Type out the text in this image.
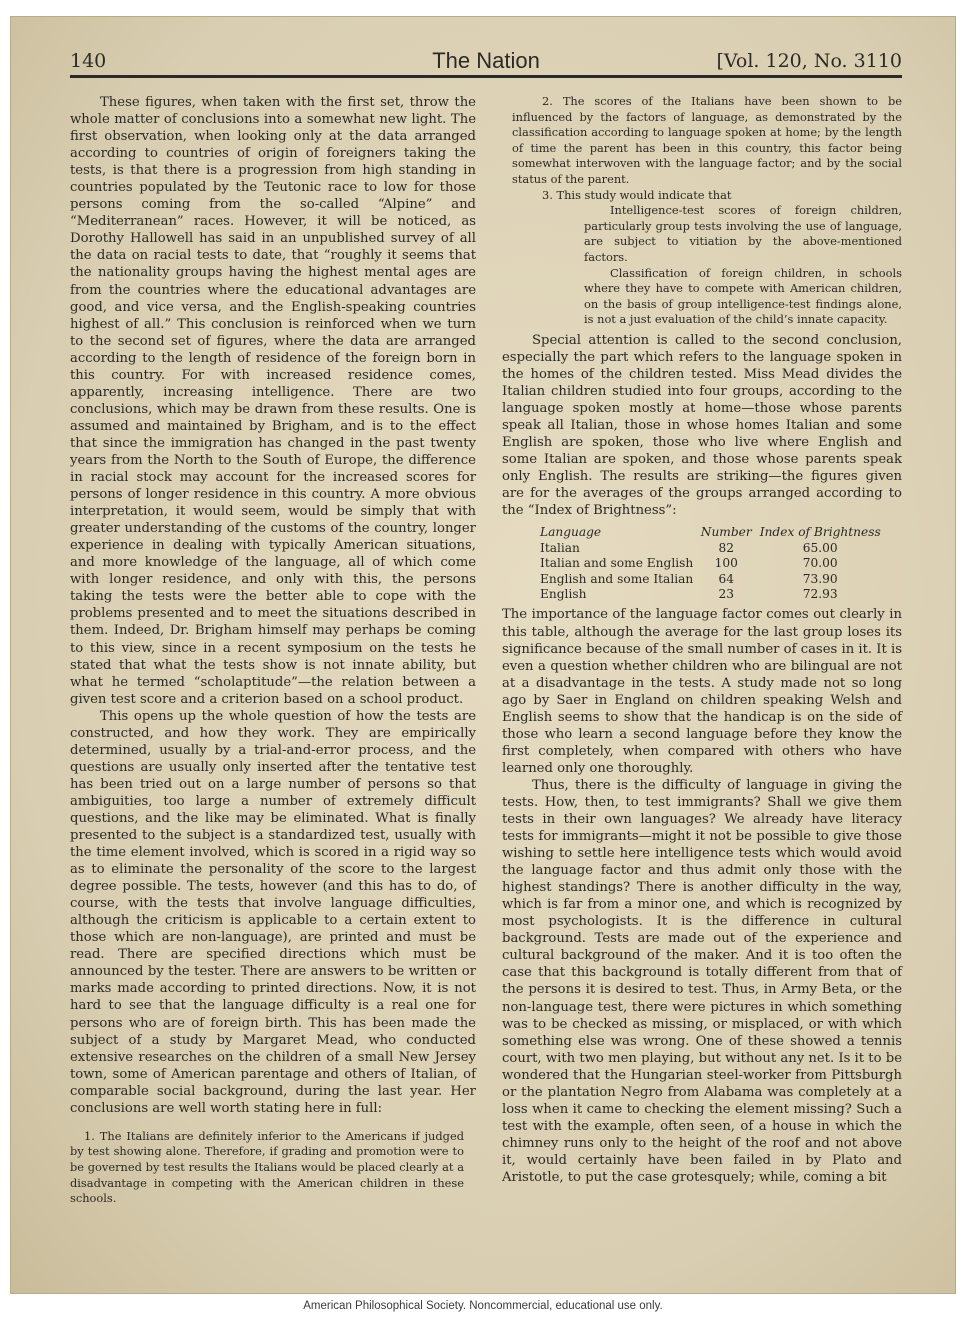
140	The Nation	[Vol. 120, No. 3110

These figures, when taken with the first set, throw the whole matter of conclusions into a somewhat new light. The first observation, when looking only at the data arranged according to countries of origin of foreigners taking the tests, is that there is a progression from high standing in countries populated by the Teutonic race to low for those persons coming from the so-called “Alpine” and “Mediterranean” races. However, it will be noticed, as Dorothy Hallowell has said in an unpublished survey of all the data on racial tests to date, that “roughly it seems that the nationality groups having the highest mental ages are from the countries where the educational advantages are good, and vice versa, and the English-speaking countries highest of all.” This conclusion is reinforced when we turn to the second set of figures, where the data are arranged according to the length of residence of the foreign born in this country. For with increased residence comes, apparently, increasing intelligence. There are two conclusions, which may be drawn from these results. One is assumed and maintained by Brigham, and is to the effect that since the immigration has changed in the past twenty years from the North to the South of Europe, the difference in racial stock may account for the increased scores for persons of longer residence in this country. A more obvious interpretation, it would seem, would be simply that with greater understanding of the customs of the country, longer experience in dealing with typically American situations, and more knowledge of the language, all of which come with longer residence, and only with this, the persons taking the tests were the better able to cope with the problems presented and to meet the situations described in them. Indeed, Dr. Brigham himself may perhaps be coming to this view, since in a recent symposium on the tests he stated that what the tests show is not innate ability, but what he termed “scholaptitude”—the relation between a given test score and a criterion based on a school product.

This opens up the whole question of how the tests are constructed, and how they work. They are empirically determined, usually by a trial-and-error process, and the questions are usually only inserted after the tentative test has been tried out on a large number of persons so that ambiguities, too large a number of extremely difficult questions, and the like may be eliminated. What is finally presented to the subject is a standardized test, usually with the time element involved, which is scored in a rigid way so as to eliminate the personality of the score to the largest degree possible. The tests, however (and this has to do, of course, with the tests that involve language difficulties, although the criticism is applicable to a certain extent to those which are non-language), are printed and must be read. There are specified directions which must be announced by the tester. There are answers to be written or marks made according to printed directions. Now, it is not hard to see that the language difficulty is a real one for persons who are of foreign birth. This has been made the subject of a study by Margaret Mead, who conducted extensive researches on the children of a small New Jersey town, some of American parentage and others of Italian, of comparable social background, during the last year. Her conclusions are well worth stating here in full:

1. The Italians are definitely inferior to the Americans if judged by test showing alone. Therefore, if grading and promotion were to be governed by test results the Italians would be placed clearly at a disadvantage in competing with the American children in these schools.

2. The scores of the Italians have been shown to be influenced by the factors of language, as demonstrated by the classification according to language spoken at home; by the length of time the parent has been in this country, this factor being somewhat interwoven with the language factor; and by the social status of the parent.

3. This study would indicate that

Intelligence-test scores of foreign children, particularly group tests involving the use of language, are subject to vitiation by the above-mentioned factors.

Classification of foreign children, in schools where they have to compete with American children, on the basis of group intelligence-test findings alone, is not a just evaluation of the child’s innate capacity.

Special attention is called to the second conclusion, especially the part which refers to the language spoken in the homes of the children tested. Miss Mead divides the Italian children studied into four groups, according to the language spoken mostly at home—those whose parents speak all Italian, those in whose homes Italian and some English are spoken, those who live where English and some Italian are spoken, and those whose parents speak only English. The results are striking—the figures given are for the averages of the groups arranged according to the “Index of Brightness”:

Language	Number	Index of Brightness
Italian	82	65.00
Italian and some English	100	70.00
English and some Italian	64	73.90
English	23	72.93

The importance of the language factor comes out clearly in this table, although the average for the last group loses its significance because of the small number of cases in it. It is even a question whether children who are bilingual are not at a disadvantage in the tests. A study made not so long ago by Saer in England on children speaking Welsh and English seems to show that the handicap is on the side of those who learn a second language before they know the first completely, when compared with others who have learned only one thoroughly.

Thus, there is the difficulty of language in giving the tests. How, then, to test immigrants? Shall we give them tests in their own languages? We already have literacy tests for immigrants—might it not be possible to give those wishing to settle here intelligence tests which would avoid the language factor and thus admit only those with the highest standings? There is another difficulty in the way, which is far from a minor one, and which is recognized by most psychologists. It is the difference in cultural background. Tests are made out of the experience and cultural background of the maker. And it is too often the case that this background is totally different from that of the persons it is desired to test. Thus, in Army Beta, or the non-language test, there were pictures in which something was to be checked as missing, or misplaced, or with which something else was wrong. One of these showed a tennis court, with two men playing, but without any net. Is it to be wondered that the Hungarian steel-worker from Pittsburgh or the plantation Negro from Alabama was completely at a loss when it came to checking the element missing? Such a test with the example, often seen, of a house in which the chimney runs only to the height of the roof and not above it, would certainly have been failed in by Plato and Aristotle, to put the case grotesquely; while, coming a bit

American Philosophical Society. Noncommercial, educational use only.
